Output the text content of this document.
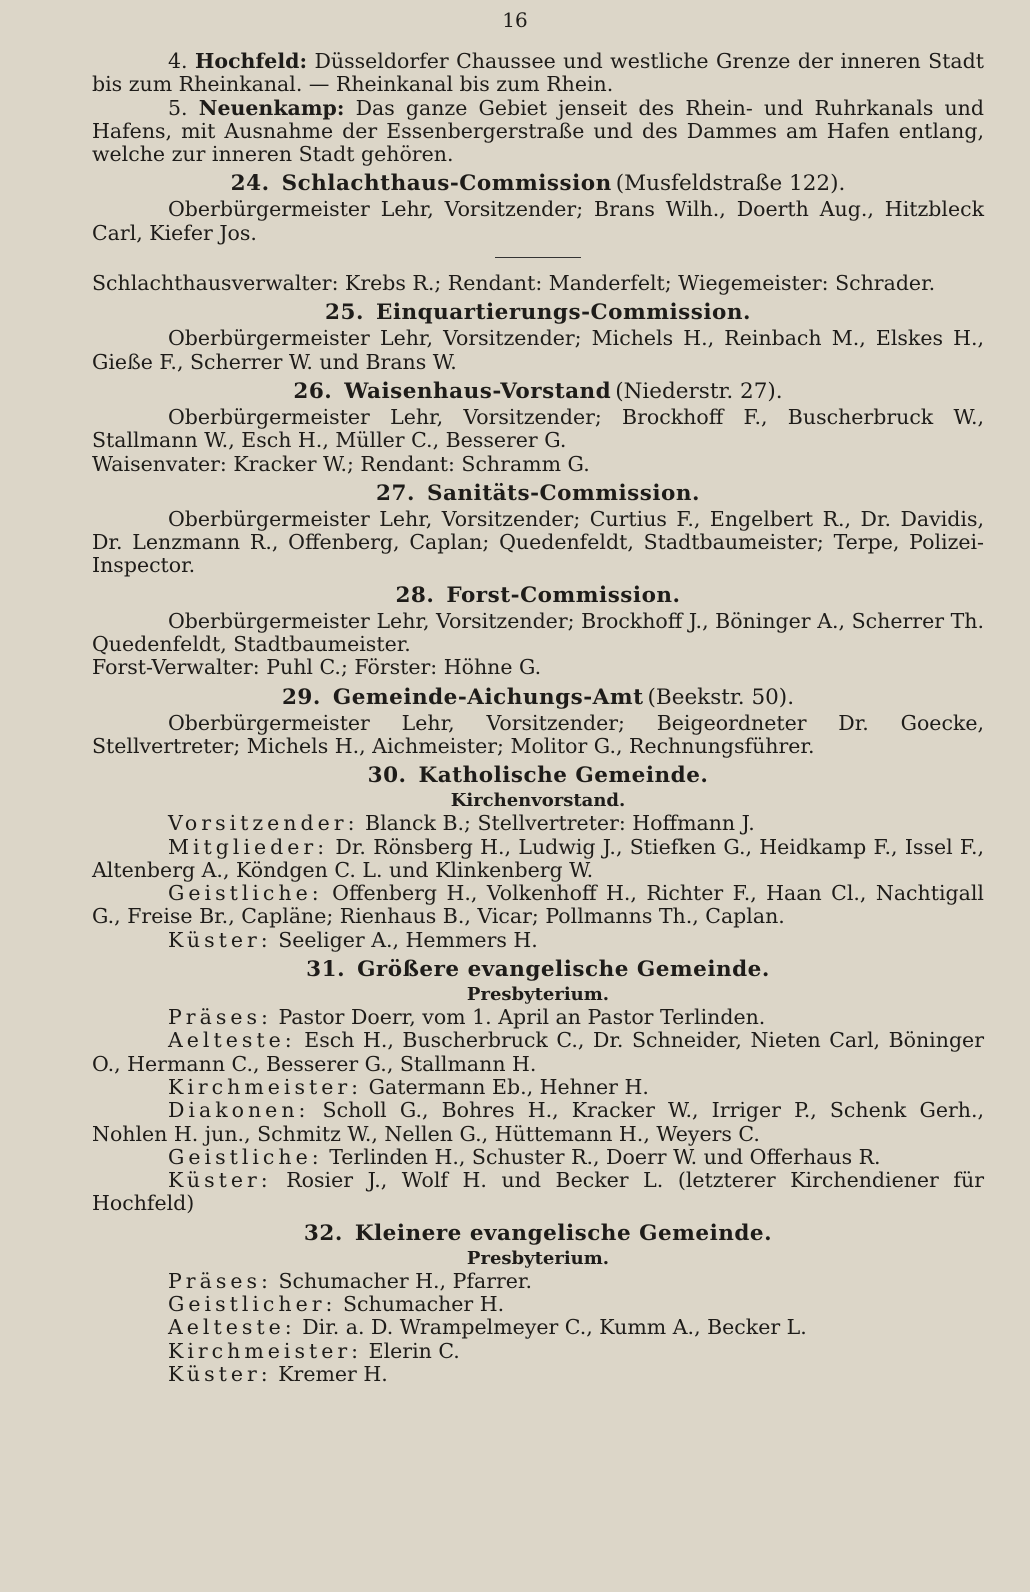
16

4. Hochfeld: Düsseldorfer Chaussee und westliche Grenze der inneren Stadt bis zum Rheinkanal. — Rheinkanal bis zum Rhein.

5. Neuenkamp: Das ganze Gebiet jenseit des Rhein- und Ruhrkanals und Hafens, mit Ausnahme der Essenbergerstraße und des Dammes am Hafen entlang, welche zur inneren Stadt gehören.

24. Schlachthaus-Commission (Musfeldstraße 122).

Oberbürgermeister Lehr, Vorsitzender; Brans Wilh., Doerth Aug., Hitzbleck Carl, Kiefer Jos.

Schlachthausverwalter: Krebs R.; Rendant: Manderfelt; Wiegemeister: Schrader.

25. Einquartierungs-Commission.

Oberbürgermeister Lehr, Vorsitzender; Michels H., Reinbach M., Elskes H., Gieße F., Scherrer W. und Brans W.

26. Waisenhaus-Vorstand (Niederstr. 27).

Oberbürgermeister Lehr, Vorsitzender; Brockhoff F., Buscherbruck W., Stallmann W., Esch H., Müller C., Besserer G.

Waisenvater: Kracker W.; Rendant: Schramm G.

27. Sanitäts-Commission.

Oberbürgermeister Lehr, Vorsitzender; Curtius F., Engelbert R., Dr. Davidis, Dr. Lenzmann R., Offenberg, Caplan; Quedenfeldt, Stadtbaumeister; Terpe, Polizei-Inspector.

28. Forst-Commission.

Oberbürgermeister Lehr, Vorsitzender; Brockhoff J., Böninger A., Scherrer Th. Quedenfeldt, Stadtbaumeister.

Forst-Verwalter: Puhl C.; Förster: Höhne G.

29. Gemeinde-Aichungs-Amt (Beekstr. 50).

Oberbürgermeister Lehr, Vorsitzender; Beigeordneter Dr. Goecke, Stellvertreter; Michels H., Aichmeister; Molitor G., Rechnungsführer.

30. Katholische Gemeinde.
Kirchenvorstand.

Vorsitzender: Blanck B.; Stellvertreter: Hoffmann J.

Mitglieder: Dr. Rönsberg H., Ludwig J., Stiefken G., Heidkamp F., Issel F., Altenberg A., Köndgen C. L. und Klinkenberg W.

Geistliche: Offenberg H., Volkenhoff H., Richter F., Haan Cl., Nachtigall G., Freise Br., Capläne; Rienhaus B., Vicar; Pollmanns Th., Caplan.

Küster: Seeliger A., Hemmers H.

31. Größere evangelische Gemeinde.
Presbyterium.

Präses: Pastor Doerr, vom 1. April an Pastor Terlinden.

Aelteste: Esch H., Buscherbruck C., Dr. Schneider, Nieten Carl, Böninger O., Hermann C., Besserer G., Stallmann H.

Kirchmeister: Gatermann Eb., Hehner H.

Diakonen: Scholl G., Bohres H., Kracker W., Irriger P., Schenk Gerh., Nohlen H. jun., Schmitz W., Nellen G., Hüttemann H., Weyers C.

Geistliche: Terlinden H., Schuster R., Doerr W. und Offerhaus R.

Küster: Rosier J., Wolf H. und Becker L. (letzterer Kirchendiener für Hochfeld)

32. Kleinere evangelische Gemeinde.
Presbyterium.

Präses: Schumacher H., Pfarrer.

Geistlicher: Schumacher H.

Aelteste: Dir. a. D. Wrampelmeyer C., Kumm A., Becker L.

Kirchmeister: Elerin C.

Küster: Kremer H.
